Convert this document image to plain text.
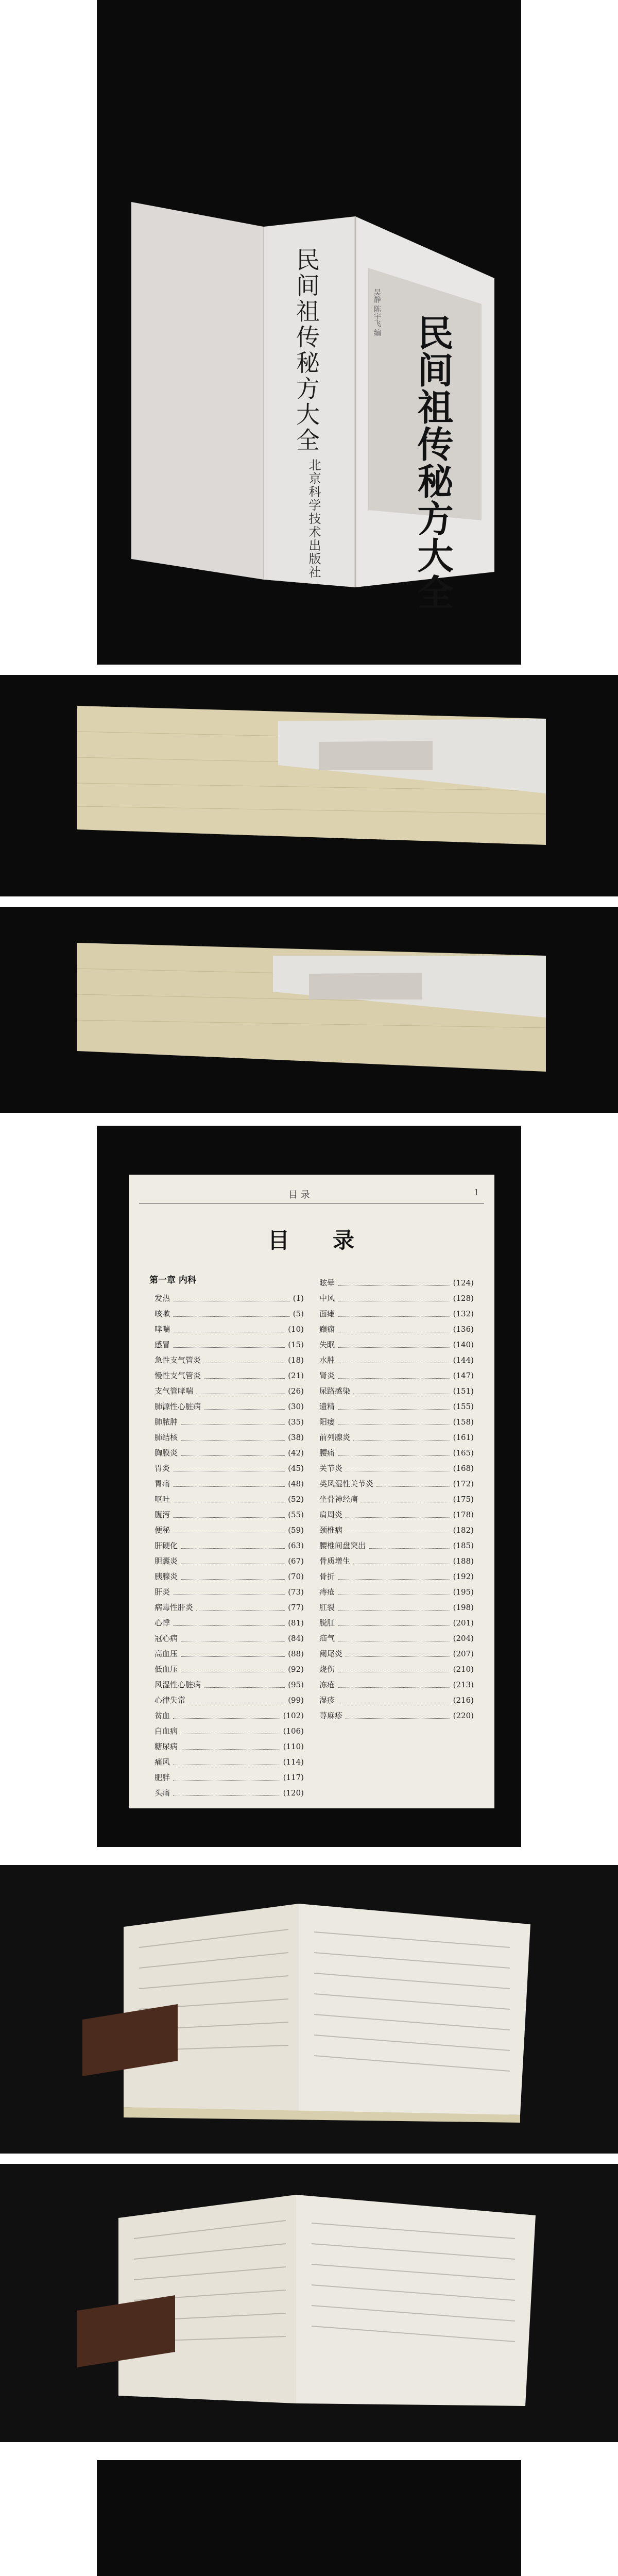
民间祖传秘方大全
北京科学技术出版社
吴静 陈宇飞 编
民间祖传秘方大全
目 录	1
目　　录
第一章 内科
发热	(1)
咳嗽	(5)
哮喘	(10)
感冒	(15)
急性支气管炎	(18)
慢性支气管炎	(21)
支气管哮喘	(26)
肺源性心脏病	(30)
肺脓肿	(35)
肺结核	(38)
胸膜炎	(42)
胃炎	(45)
胃痛	(48)
呕吐	(52)
腹泻	(55)
便秘	(59)
肝硬化	(63)
胆囊炎	(67)
胰腺炎	(70)
肝炎	(73)
病毒性肝炎	(77)
心悸	(81)
冠心病	(84)
高血压	(88)
低血压	(92)
风湿性心脏病	(95)
心律失常	(99)
贫血	(102)
白血病	(106)
糖尿病	(110)
痛风	(114)
肥胖	(117)
头痛	(120)
眩晕	(124)
中风	(128)
面瘫	(132)
癫痫	(136)
失眠	(140)
水肿	(144)
肾炎	(147)
尿路感染	(151)
遗精	(155)
阳痿	(158)
前列腺炎	(161)
腰痛	(165)
关节炎	(168)
类风湿性关节炎	(172)
坐骨神经痛	(175)
肩周炎	(178)
颈椎病	(182)
腰椎间盘突出	(185)
骨质增生	(188)
骨折	(192)
痔疮	(195)
肛裂	(198)
脱肛	(201)
疝气	(204)
阑尾炎	(207)
烧伤	(210)
冻疮	(213)
湿疹	(216)
荨麻疹	(220)
